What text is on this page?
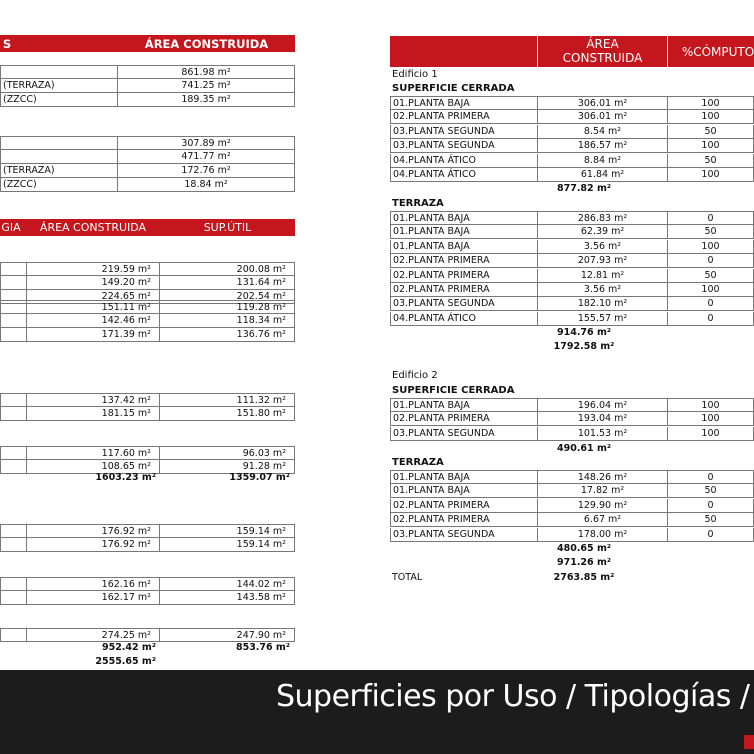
S	ÁREA CONSTRUIDA
861.98 m²
(TERRAZA)	741.25 m²
(ZZCC)	189.35 m²
307.89 m²
471.77 m²
(TERRAZA)	172.76 m²
(ZZCC)	18.84 m²
GIA	ÁREA CONSTRUIDA	SUP.ÚTIL
219.59 m²	200.08 m²
149.20 m²	131.64 m²
224.65 m²	202.54 m²
151.11 m²	119.28 m²
142.46 m²	118.34 m²
171.39 m²	136.76 m²
137.42 m²	111.32 m²
181.15 m²	151.80 m²
117.60 m²	96.03 m²
108.65 m²	91.28 m²
176.92 m²	159.14 m²
176.92 m²	159.14 m²
162.16 m²	144.02 m²
162.17 m²	143.58 m²
274.25 m²	247.90 m²
1603.23 m²	1359.07 m²
952.42 m²	853.76 m²
2555.65 m²
ÁREA
CONSTRUIDA	%CÓMPUTO
Edificio 1
SUPERFICIE CERRADA
01.PLANTA BAJA	306.01 m²	100
02.PLANTA PRIMERA	306.01 m²	100
03.PLANTA SEGUNDA	8.54 m²	50
03.PLANTA SEGUNDA	186.57 m²	100
04.PLANTA ÁTICO	8.84 m²	50
04.PLANTA ÁTICO	61.84 m²	100
877.82 m²
TERRAZA
01.PLANTA BAJA	286.83 m²	0
01.PLANTA BAJA	62.39 m²	50
01.PLANTA BAJA	3.56 m²	100
02.PLANTA PRIMERA	207.93 m²	0
02.PLANTA PRIMERA	12.81 m²	50
02.PLANTA PRIMERA	3.56 m²	100
03.PLANTA SEGUNDA	182.10 m²	0
04.PLANTA ÁTICO	155.57 m²	0
914.76 m²
1792.58 m²
Edificio 2
SUPERFICIE CERRADA
01.PLANTA BAJA	196.04 m²	100
02.PLANTA PRIMERA	193.04 m²	100
03.PLANTA SEGUNDA	101.53 m²	100
490.61 m²
TERRAZA
01.PLANTA BAJA	148.26 m²	0
01.PLANTA BAJA	17.82 m²	50
02.PLANTA PRIMERA	129.90 m²	0
02.PLANTA PRIMERA	6.67 m²	50
03.PLANTA SEGUNDA	178.00 m²	0
480.65 m²
971.26 m²
TOTAL	2763.85 m²
Superficies por Uso / Tipologías /
